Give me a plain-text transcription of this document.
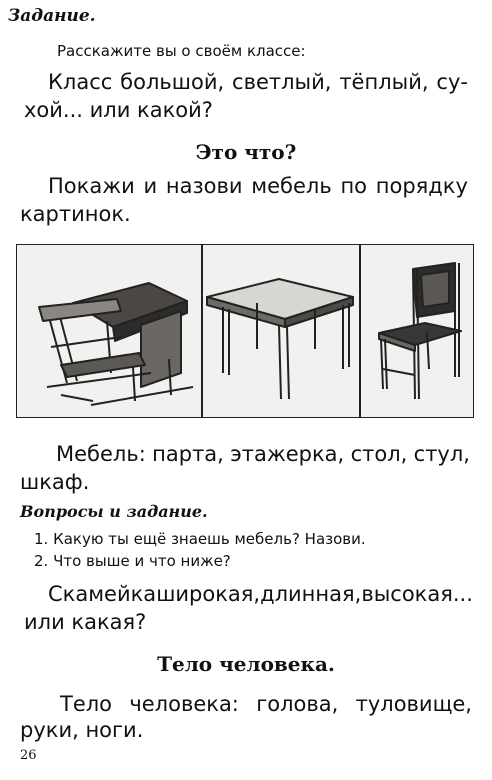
Задание.
Расскажите вы о своём классе:
Класс большой, светлый, тёплый, су-
хой... или какой?
Это что?
Покажи и назови мебель по порядку
картинок.
Мебель: парта, этажерка, стол, стул,
шкаф.
Вопросы и задание.
1. Какую ты ещё знаешь мебель? Назови.
2. Что выше и что ниже?
Скамейка широкая, длинная, высокая...
или какая?
Тело человека.
Тело человека: голова, туловище,
руки, ноги.
26
